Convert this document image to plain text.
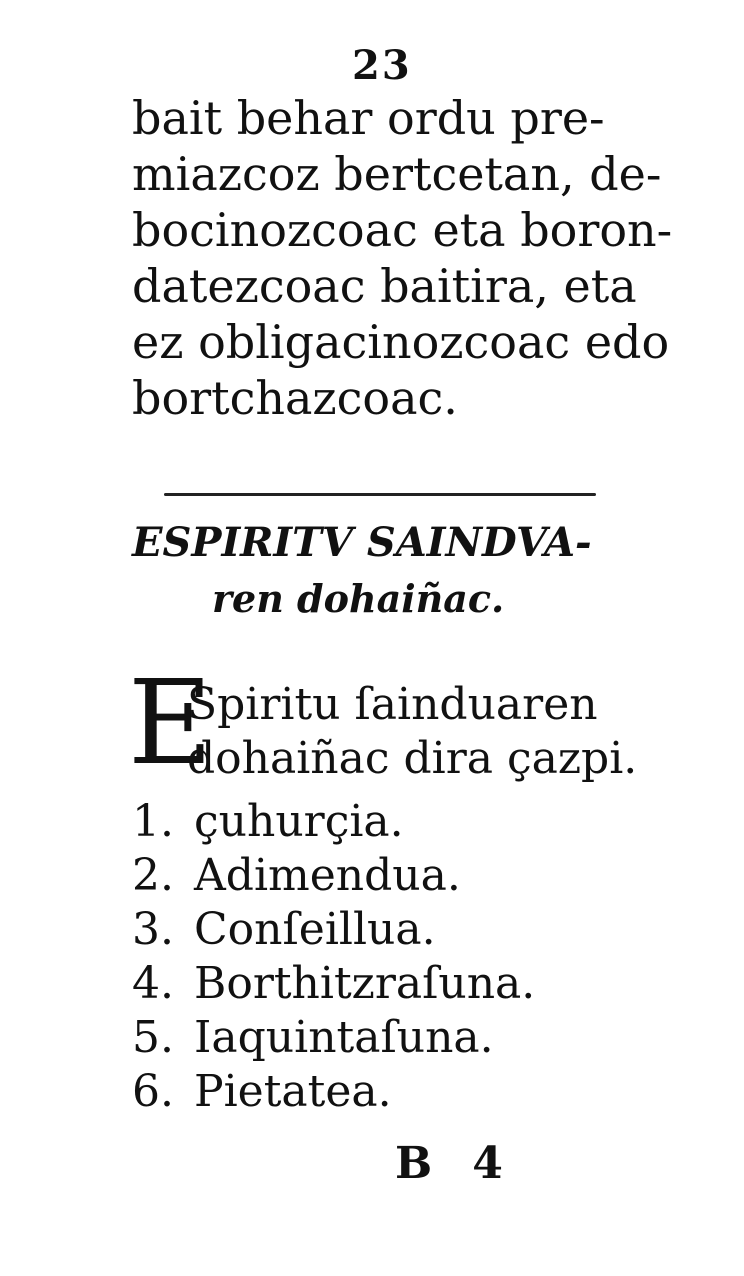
23
bait behar ordu pre-
miazcoz bertcetan, de-
bocinozcoac eta boron-
datezcoac baitira, eta
ez obligacinozcoac edo
bortchazcoac.
ESPIRITV SAINDVA-
ren dohaiñac.
E
Spiritu ſainduaren
dohaiñac dira çazpi.
1. çuhurçia.
2. Adimendua.
3. Conſeillua.
4. Borthitzraſuna.
5. Iaquintaſuna.
6. Pietatea.
B 4
